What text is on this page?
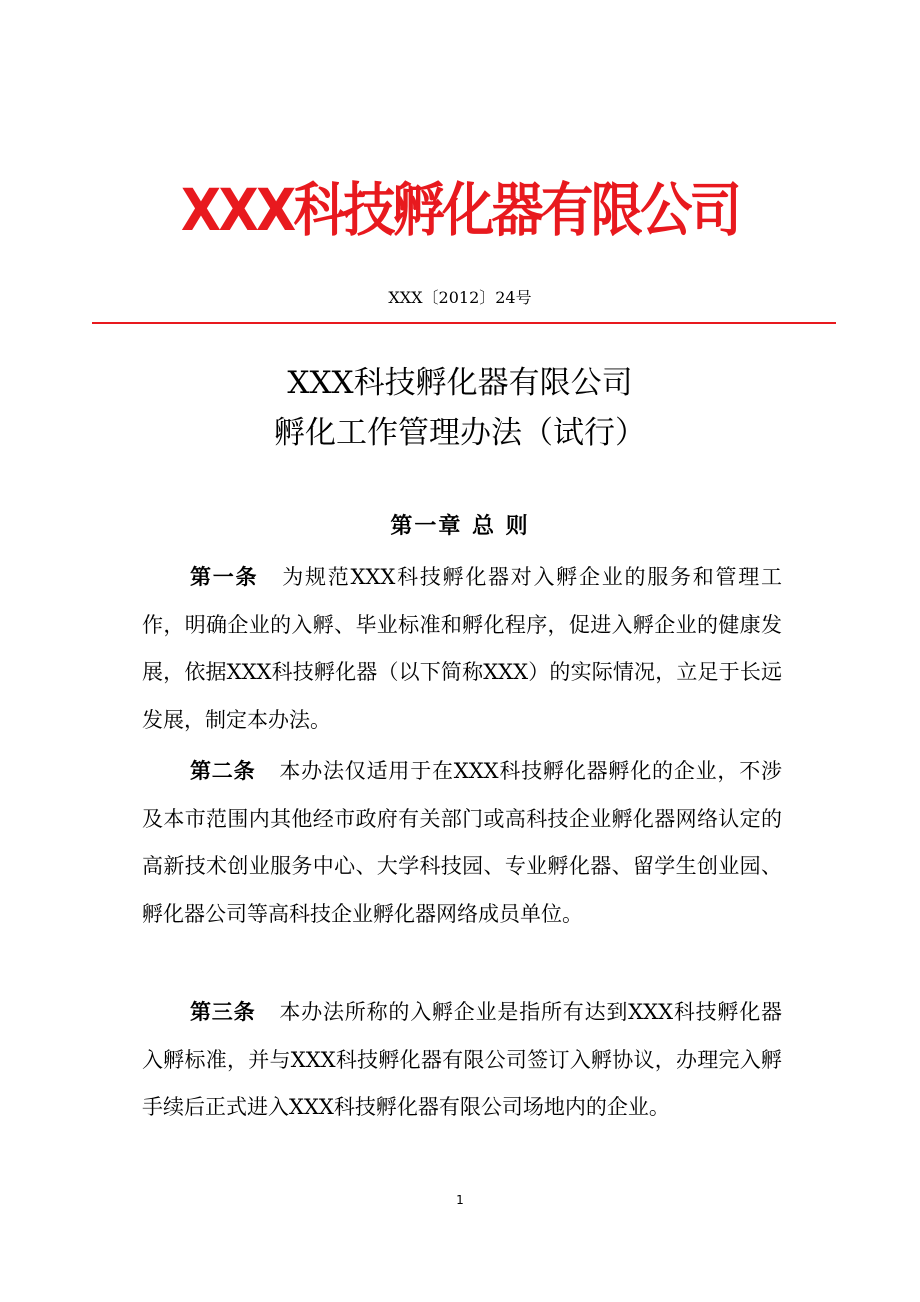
XXX科技孵化器有限公司
XXX〔2012〕24号
XXX科技孵化器有限公司
孵化工作管理办法（试行）
第一章 总 则

第一条 为规范XXX科技孵化器对入孵企业的服务和管理工作，明确企业的入孵、毕业标准和孵化程序，促进入孵企业的健康发展，依据XXX科技孵化器（以下简称XXX）的实际情况，立足于长远发展，制定本办法。

第二条 本办法仅适用于在XXX科技孵化器孵化的企业，不涉及本市范围内其他经市政府有关部门或高科技企业孵化器网络认定的高新技术创业服务中心、大学科技园、专业孵化器、留学生创业园、孵化器公司等高科技企业孵化器网络成员单位。

第三条 本办法所称的入孵企业是指所有达到XXX科技孵化器入孵标准，并与XXX科技孵化器有限公司签订入孵协议，办理完入孵手续后正式进入XXX科技孵化器有限公司场地内的企业。

1
